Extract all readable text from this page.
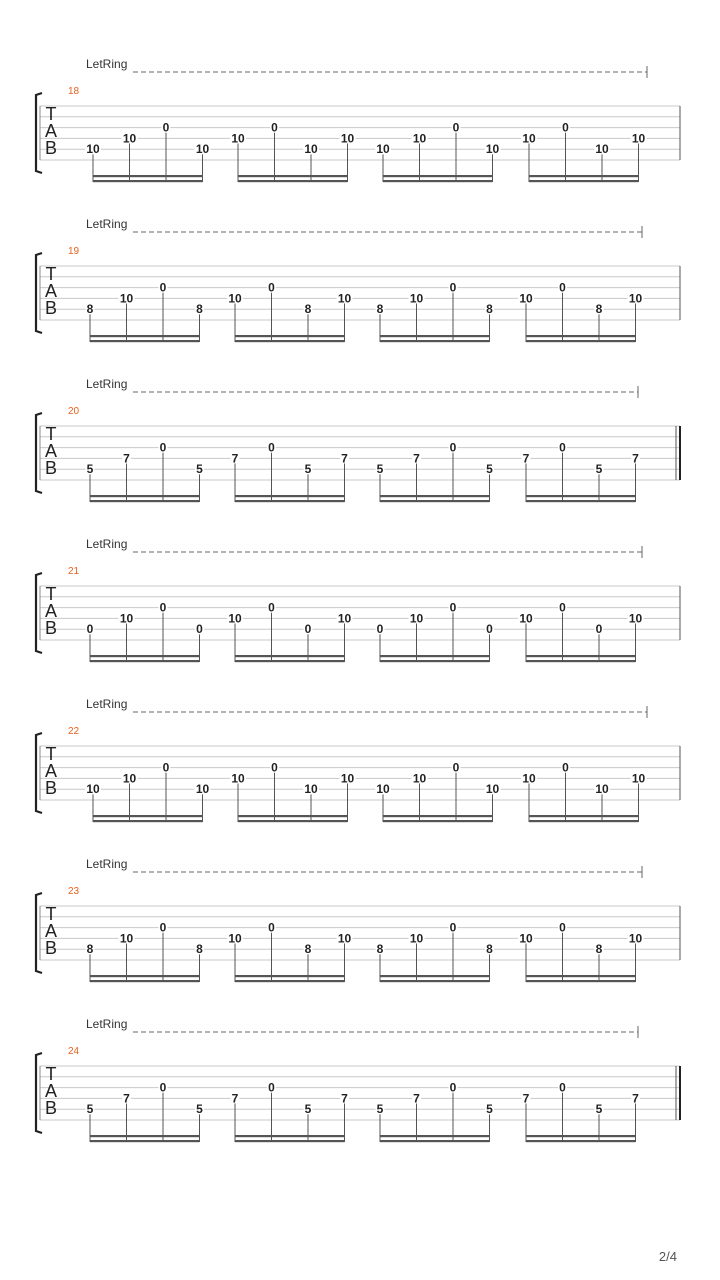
LetRing
18
T
A
B 10
10
0
10
10
0
10
10
10
10
0
10
10
0
10
10
LetRing
19
T
A
B 8
10
0
8
10
0
8
10
8
10
0
8
10
0
8
10
LetRing
20
T
A
B 5
7
0
5
7
0
5
7
5
7
0
5
7
0
5
7
LetRing
21
T
A
B 0
10
0
0
10
0
0
10
0
10
0
0
10
0
0
10
LetRing
22
T
A
B 10
10
0
10
10
0
10
10
10
10
0
10
10
0
10
10
LetRing
23
T
A
B 8
10
0
8
10
0
8
10
8
10
0
8
10
0
8
10
LetRing
24
T
A
B 5
7
0
5
7
0
5
7
5
7
0
5
7
0
5
7
2/4
